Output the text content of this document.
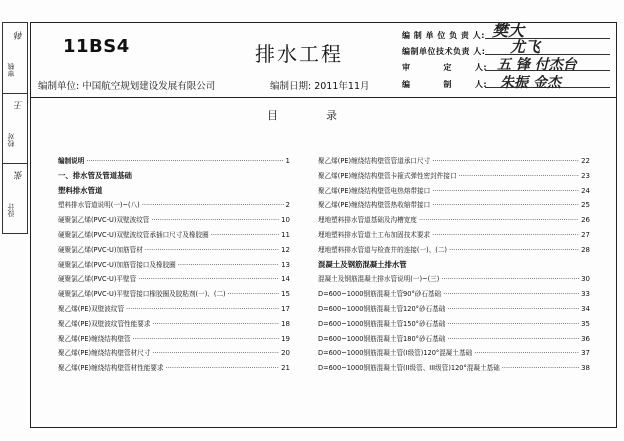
审核
韩
校对
王
设计
张
11BS4	排水工程
编制单位: 中国航空规划建设发展有限公司	编制日期: 2011年11月
编 制 单 位 负 责 人: 樊大
编制单位技术负责 人: 尤飞
审          定       人: 五 锋 付杰台
编          制       人: 朱振 金杰
目	录
编制说明 ·····	1
一、排水管及管道基础
塑料排水管道
塑料排水管道说明(一)~(八) ·····	2
硬聚氯乙烯(PVC-U)双壁波纹管 ·····	10
硬聚氯乙烯(PVC-U)双壁波纹管承插口尺寸及橡胶圈 ·····	11
硬聚氯乙烯(PVC-U)加筋管材 ·····	12
硬聚氯乙烯(PVC-U)加筋管接口及橡胶圈 ·····	13
硬聚氯乙烯(PVC-U)平壁管 ·····	14
硬聚氯乙烯(PVC-U)平壁管接口橡胶圈及胶粘剂(一)、(二) ·····	15
聚乙烯(PE)双壁波纹管 ·····	17
聚乙烯(PE)双壁波纹管性能要求 ·····	18
聚乙烯(PE)缠绕结构壁管 ·····	19
聚乙烯(PE)缠绕结构壁管材尺寸 ·····	20
聚乙烯(PE)缠绕结构壁管材性能要求 ·····	21
聚乙烯(PE)缠绕结构壁管管道承口尺寸 ·····	22
聚乙烯(PE)缠绕结构壁管卡箍式弹性密封件接口 ·····	23
聚乙烯(PE)缠绕结构壁管电热熔带接口 ·····	24
聚乙烯(PE)缠绕结构壁管热收缩带接口 ·····	25
埋地塑料排水管道基础及沟槽宽度 ·····	26
埋地塑料排水管道土工布加固技术要求 ·····	27
埋地塑料排水管道与检查井的连接(一)、(二) ·····	28
混凝土及钢筋混凝土排水管
混凝土及钢筋混凝土排水管说明(一)~(三) ·····	30
D=600~1000钢筋混凝土管90°砂石基础 ·····	33
D=600~1000钢筋混凝土管120°砂石基础 ·····	34
D=600~1000钢筋混凝土管150°砂石基础 ·····	35
D=600~1000钢筋混凝土管180°砂石基础 ·····	36
D=600~1000钢筋混凝土管(I级管)120°混凝土基础 ·····	37
D=600~1000钢筋混凝土管(II级管、III级管)120°混凝土基础 ·····	38
